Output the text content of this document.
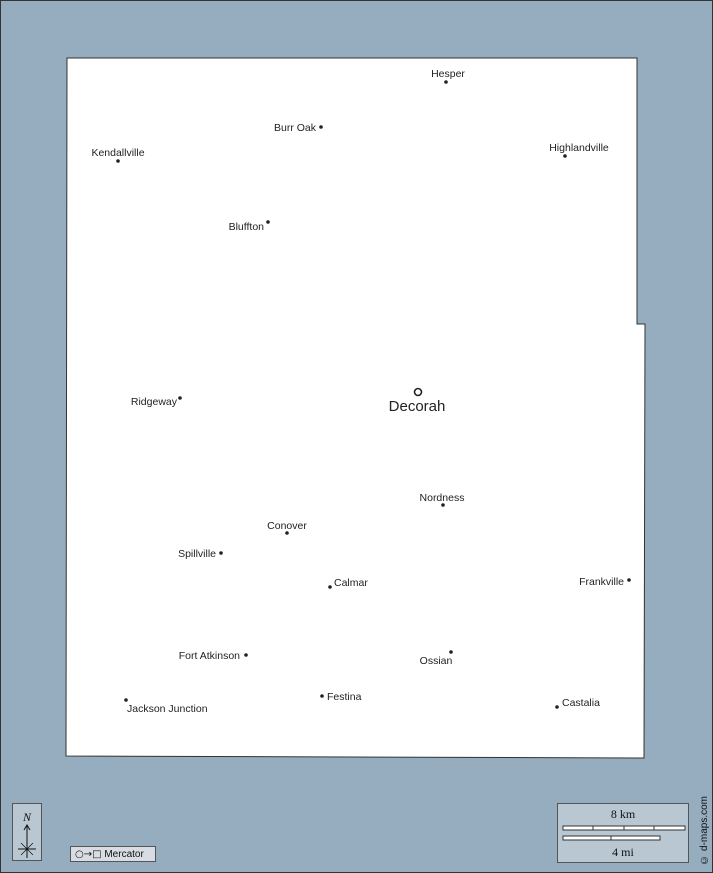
Hesper
Burr Oak
Kendallville	Highlandville
Bluffton
Ridgeway
Nordness
Conover
Spillville
Calmar	Frankville
Fort Atkinson	Ossian
Jackson Junction
Festina	Castalia
Decorah
N
○→□ Mercator
8 km
4 mi	© d-maps.com
